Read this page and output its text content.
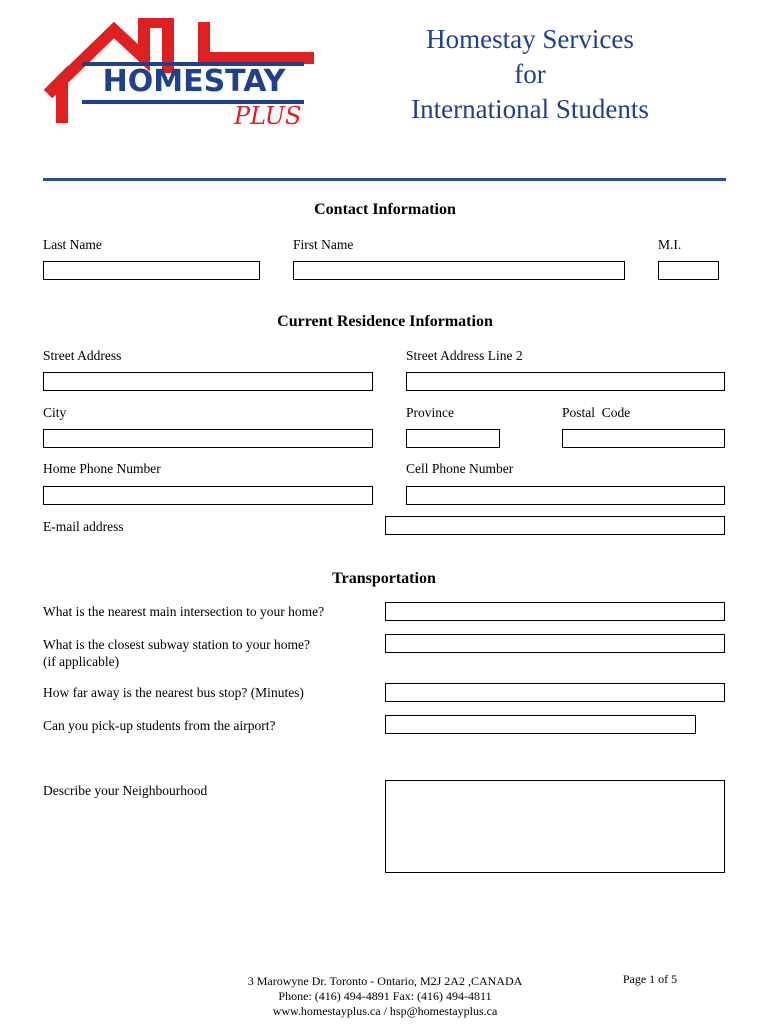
HOMESTAY
PLUS
Homestay Services
for
International Students
Contact Information
Last Name	First Name	M.I.
Current Residence Information
Street Address	Street Address Line 2
City	Province	Postal  Code
Home Phone Number	Cell Phone Number
E-mail address
Transportation
What is the nearest main intersection to your home?
What is the closest subway station to your home?
(if applicable)
How far away is the nearest bus stop? (Minutes)
Can you pick-up students from the airport?
Describe your Neighbourhood
3 Marowyne Dr. Toronto - Ontario, M2J 2A2 ,CANADA
Phone: (416) 494-4891 Fax: (416) 494-4811
www.homestayplus.ca / hsp@homestayplus.ca
Page 1 of 5
